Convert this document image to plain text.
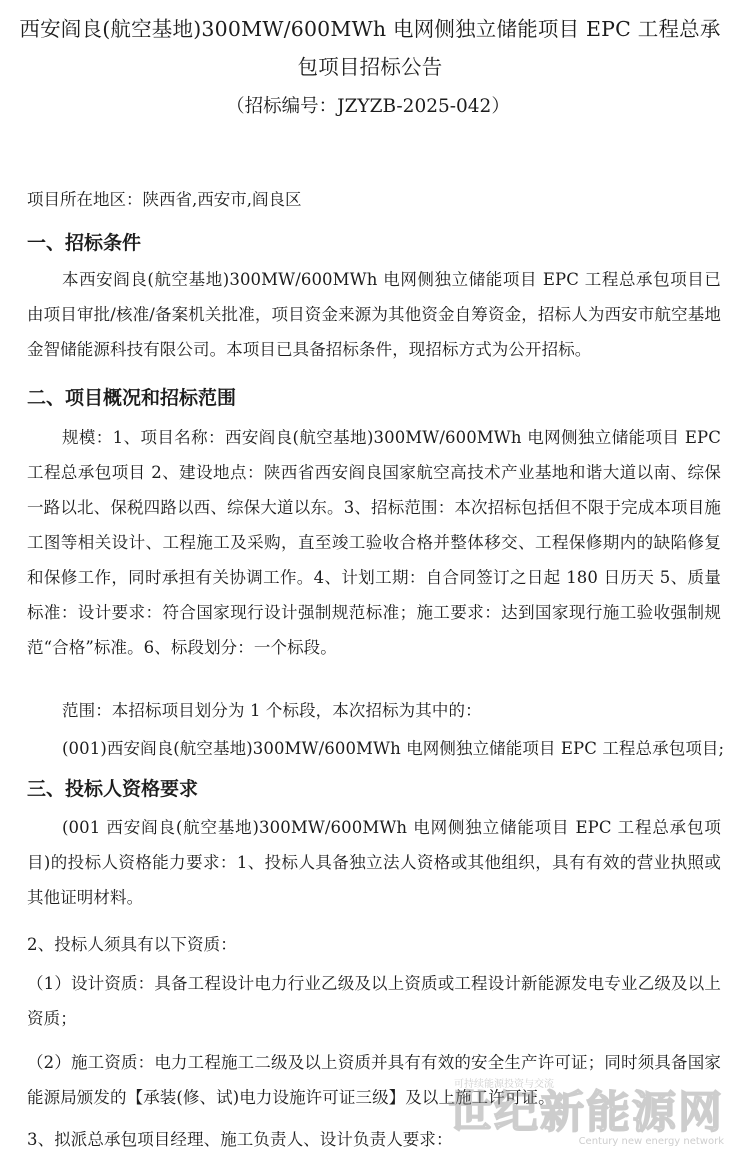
西安阎良(航空基地)300MW/600MWh 电网侧独立储能项目 EPC 工程总承包项目招标公告
（招标编号：JZYZB-2025-042）
项目所在地区：陕西省,西安市,阎良区
一、招标条件

本西安阎良(航空基地)300MW/600MWh 电网侧独立储能项目 EPC 工程总承包项目已由项目审批/核准/备案机关批准，项目资金来源为其他资金自筹资金，招标人为西安市航空基地金智储能源科技有限公司。本项目已具备招标条件，现招标方式为公开招标。

二、项目概况和招标范围

规模：1、项目名称：西安阎良(航空基地)300MW/600MWh 电网侧独立储能项目 EPC 工程总承包项目 2、建设地点：陕西省西安阎良国家航空高技术产业基地和谐大道以南、综保一路以北、保税四路以西、综保大道以东。3、招标范围：本次招标包括但不限于完成本项目施工图等相关设计、工程施工及采购，直至竣工验收合格并整体移交、工程保修期内的缺陷修复和保修工作，同时承担有关协调工作。4、计划工期：自合同签订之日起 180 日历天 5、质量标准：设计要求：符合国家现行设计强制规范标准；施工要求：达到国家现行施工验收强制规范“合格”标准。6、标段划分：一个标段。

范围：本招标项目划分为 1 个标段，本次招标为其中的：

(001)西安阎良(航空基地)300MW/600MWh 电网侧独立储能项目 EPC 工程总承包项目;

三、投标人资格要求

(001 西安阎良(航空基地)300MW/600MWh 电网侧独立储能项目 EPC 工程总承包项目)的投标人资格能力要求：1、投标人具备独立法人资格或其他组织，具有有效的营业执照或其他证明材料。

2、投标人须具有以下资质：

（1）设计资质：具备工程设计电力行业乙级及以上资质或工程设计新能源发电专业乙级及以上资质；

（2）施工资质：电力工程施工二级及以上资质并具有有效的安全生产许可证；同时须具备国家能源局颁发的【承装(修、试)电力设施许可证三级】及以上施工许可证。

3、拟派总承包项目经理、施工负责人、设计负责人要求：

可持续能源投资与交流
世纪新能源网
Century new energy network
